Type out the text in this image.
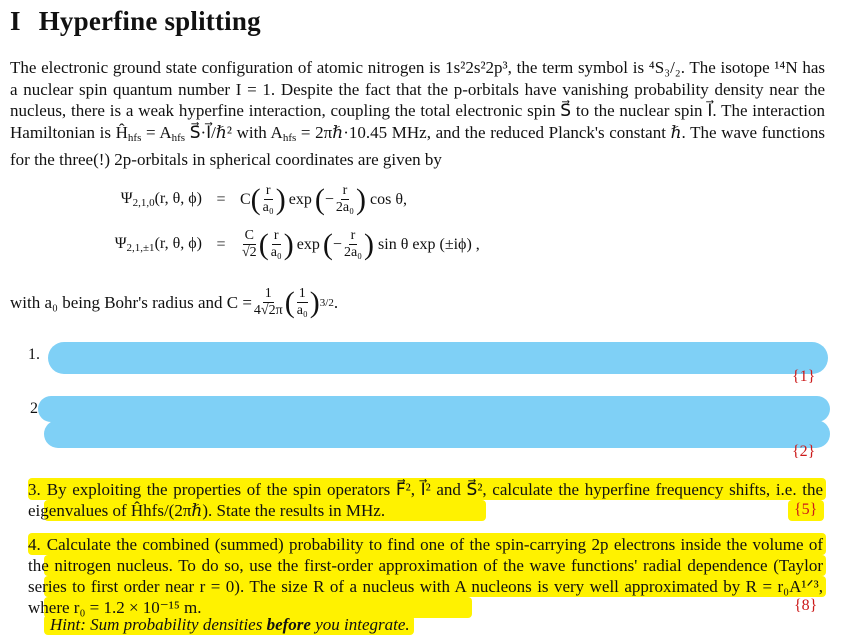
I Hyperfine splitting

The electronic ground state configuration of atomic nitrogen is 1s²2s²2p³, the term symbol is ⁴S₃/₂. The isotope ¹⁴N has a nuclear spin quantum number I = 1. Despite the fact that the p-orbitals have vanishing probability density near the nucleus, there is a weak hyperfine interaction, coupling the total electronic spin S⃗ to the nuclear spin I⃗. The interaction Hamiltonian is $Ĥ_{hfs} = A_{hfs}$ S⃗·I⃗/ℏ² with $A_{hfs}$ = 2πℏ·10.45 MHz, and the reduced Planck's constant ℏ. The wave functions for the three(!) 2p-orbitals in spherical coordinates are given by

$\Psi_{2,1,0}(r$, θ, ϕ) = C ( $\frac{r}{\text{a₀}}$ ) exp ( − $\frac{r}{\text{2a₀}}$ ) cos θ,
$\Psi_{2,1,\pm 1}(r$, θ, ϕ) =	$\frac{C}{√2}$ ( $\frac{r}{\text{a₀}}$ ) exp ( − $\frac{r}{\text{2a₀}}$ ) sin θ exp (±iϕ) ,
with a₀ being Bohr's radius and $C = \frac{1}{4√2\pi}$ ( $\frac{1}{\text{a₀}}$ ) 3/2 .
1.
{1}
2
{2}
3. By exploiting the properties of the spin operators F⃗², I⃗² and S⃗², calculate the hyperfine frequency shifts, i.e. the eigenvalues of Ĥhfs/(2πℏ). State the results in MHz.	{5}
4. Calculate the combined (summed) probability to find one of the spin-carrying 2p electrons inside the volume of the nitrogen nucleus. To do so, use the first-order approximation of the wave functions' radial dependence (Taylor series to first order near r = 0). The size R of a nucleus with A nucleons is very well approximated by R = r₀A¹ᐟ³, where r₀ = 1.2 × 10⁻¹⁵ m.	{8}
Hint: Sum probability densities before you integrate.
